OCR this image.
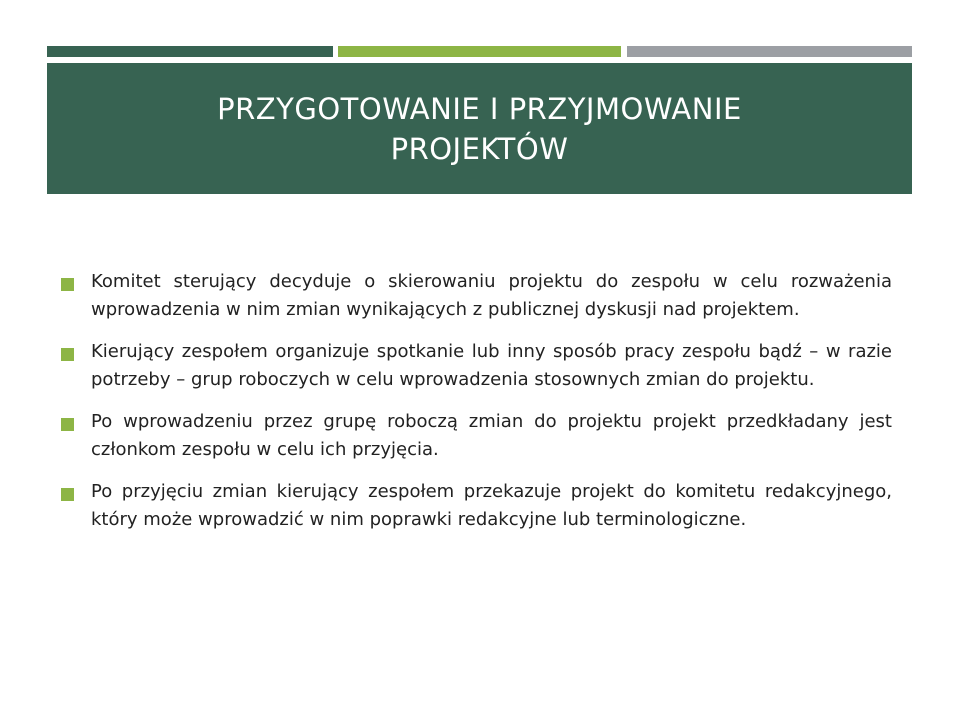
PRZYGOTOWANIE I PRZYJMOWANIE PROJEKTÓW
Komitet sterujący decyduje o skierowaniu projektu do zespołu w celu rozważenia wprowadzenia w nim zmian wynikających z publicznej dyskusji nad projektem.
Kierujący zespołem organizuje spotkanie lub inny sposób pracy zespołu bądź – w razie potrzeby – grup roboczych w celu wprowadzenia stosownych zmian do projektu.
Po wprowadzeniu przez grupę roboczą zmian do projektu projekt przedkładany jest członkom zespołu w celu ich przyjęcia.
Po przyjęciu zmian kierujący zespołem przekazuje projekt do komitetu redakcyjnego, który może wprowadzić w nim poprawki redakcyjne lub terminologiczne.
